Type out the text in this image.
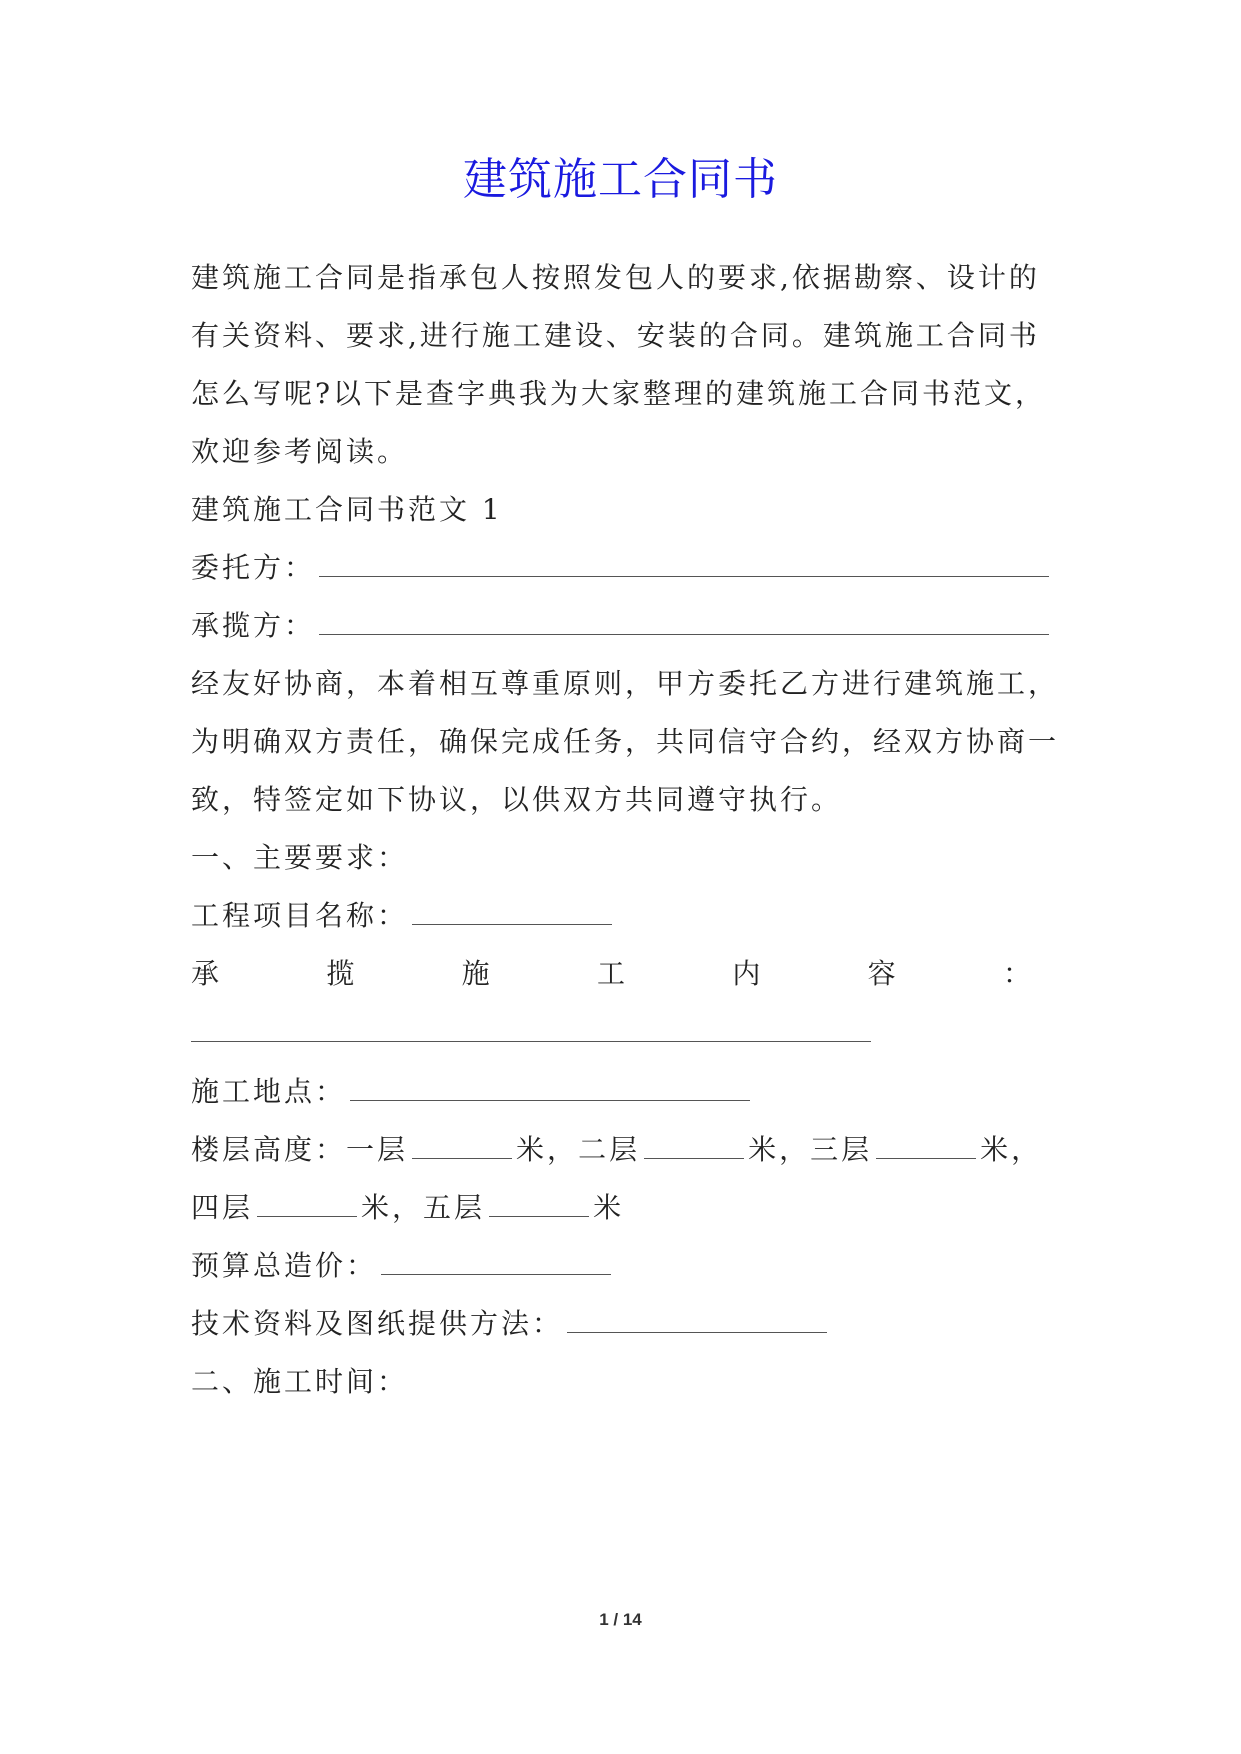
建筑施工合同书
建筑施工合同是指承包人按照发包人的要求,依据勘察、设计的
有关资料、要求,进行施工建设、安装的合同。建筑施工合同书
怎么写呢?以下是查字典我为大家整理的建筑施工合同书范文，
欢迎参考阅读。
建筑施工合同书范文 1
委托方：
承揽方：
经友好协商，本着相互尊重原则，甲方委托乙方进行建筑施工，
为明确双方责任，确保完成任务，共同信守合约，经双方协商一
致，特签定如下协议，以供双方共同遵守执行。
一、主要要求：
工程项目名称：
承	揽	施	工	内	容	：
施工地点：
楼层高度：一层	米，二层	米，三层	米，
四层	米，五层	米
预算总造价：
技术资料及图纸提供方法：
二、施工时间：
1 / 14
